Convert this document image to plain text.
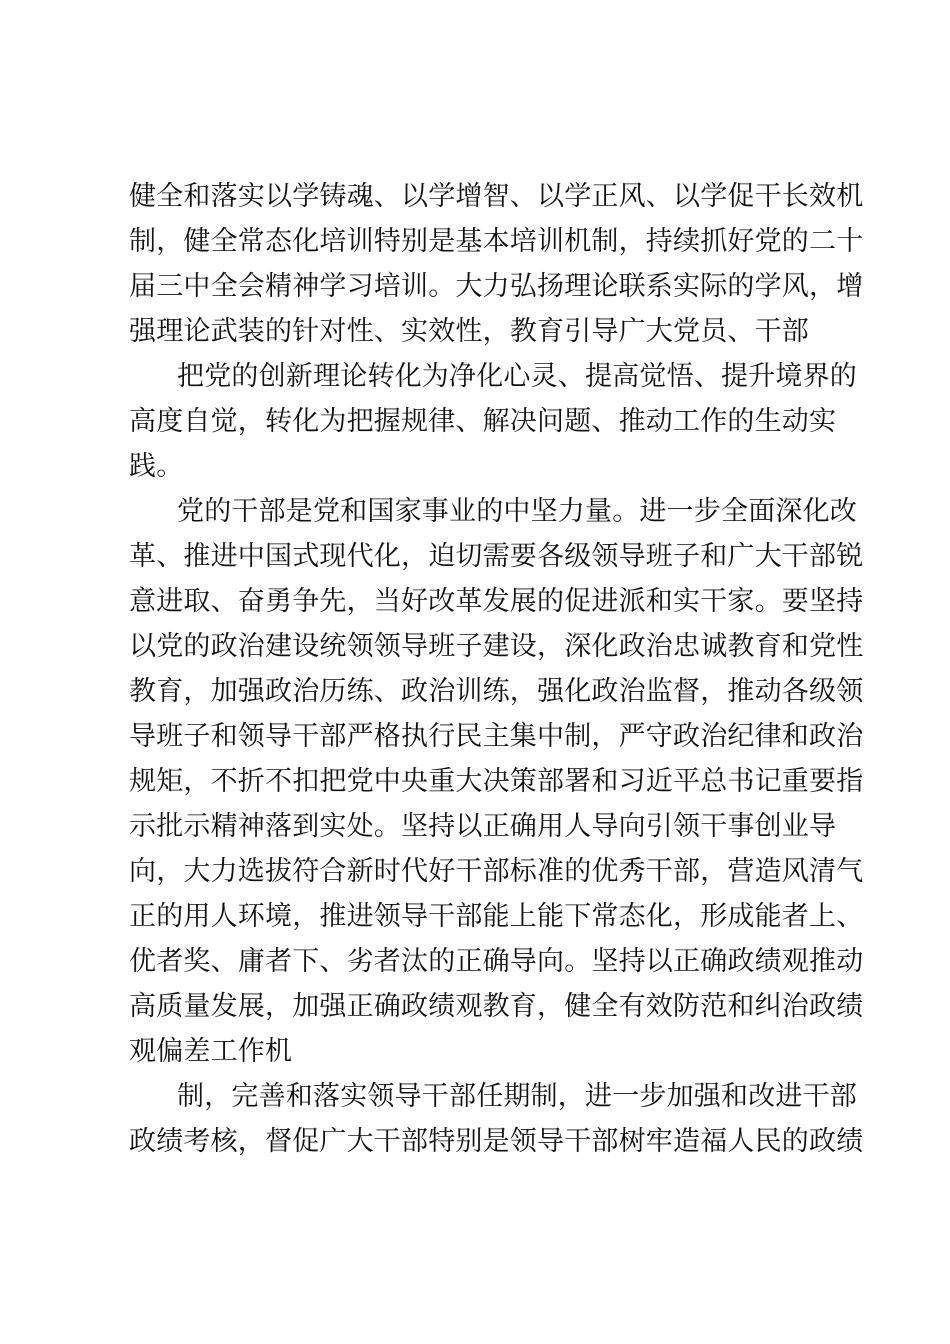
健全和落实以学铸魂、以学增智、以学正风、以学促干长效机
制，健全常态化培训特别是基本培训机制，持续抓好党的二十
届三中全会精神学习培训。大力弘扬理论联系实际的学风，增
强理论武装的针对性、实效性，教育引导广大党员、干部
把党的创新理论转化为净化心灵、提高觉悟、提升境界的
高度自觉，转化为把握规律、解决问题、推动工作的生动实
践。
党的干部是党和国家事业的中坚力量。进一步全面深化改
革、推进中国式现代化，迫切需要各级领导班子和广大干部锐
意进取、奋勇争先，当好改革发展的促进派和实干家。要坚持
以党的政治建设统领领导班子建设，深化政治忠诚教育和党性
教育，加强政治历练、政治训练，强化政治监督，推动各级领
导班子和领导干部严格执行民主集中制，严守政治纪律和政治
规矩，不折不扣把党中央重大决策部署和习近平总书记重要指
示批示精神落到实处。坚持以正确用人导向引领干事创业导
向，大力选拔符合新时代好干部标准的优秀干部，营造风清气
正的用人环境，推进领导干部能上能下常态化，形成能者上、
优者奖、庸者下、劣者汰的正确导向。坚持以正确政绩观推动
高质量发展，加强正确政绩观教育，健全有效防范和纠治政绩
观偏差工作机
制，完善和落实领导干部任期制，进一步加强和改进干部
政绩考核，督促广大干部特别是领导干部树牢造福人民的政绩
